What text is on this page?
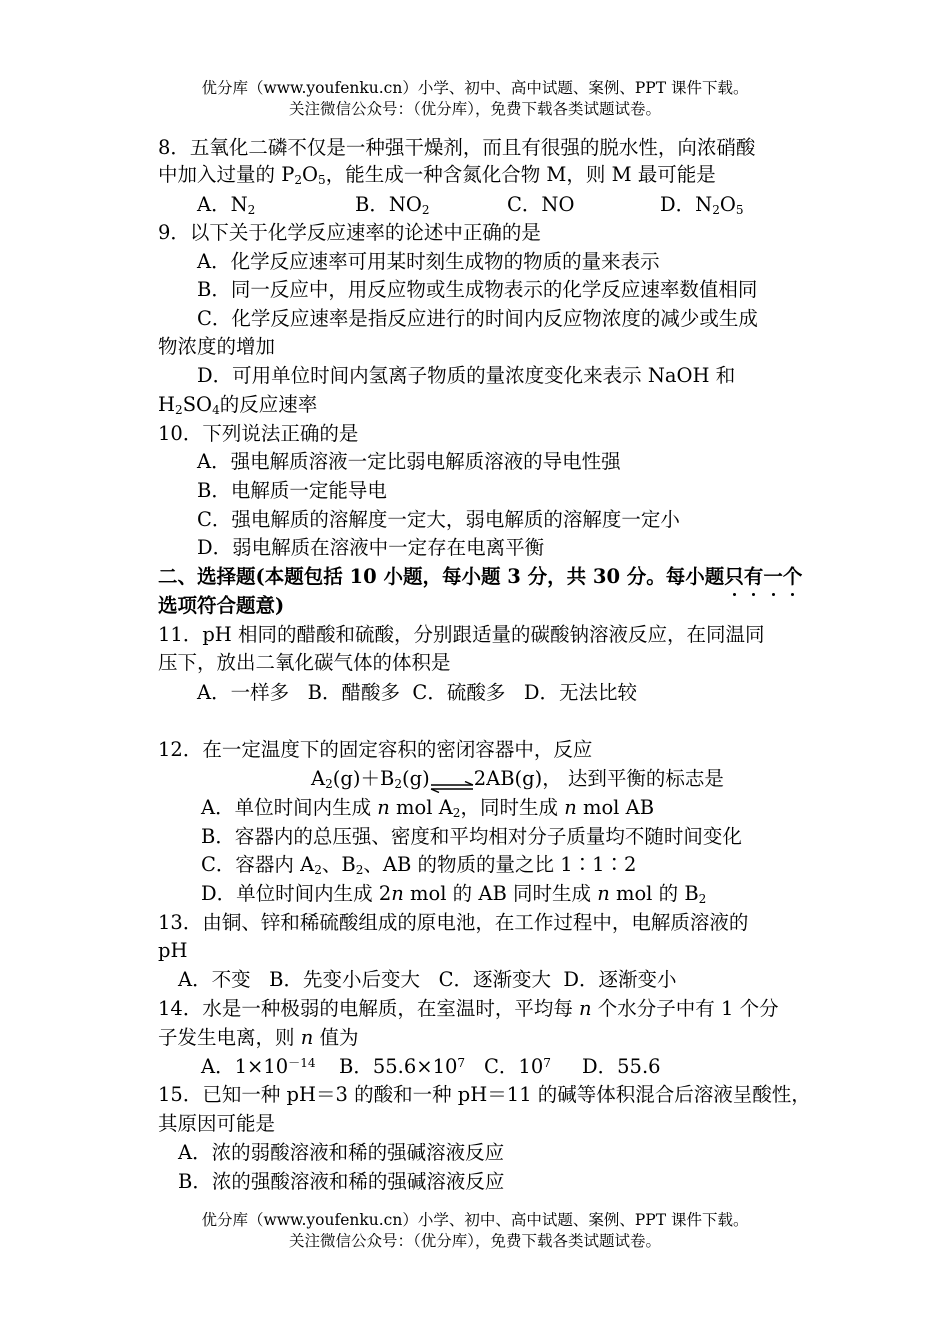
优分库（www.youfenku.cn）小学、初中、高中试题、案例、PPT 课件下载。
关注微信公众号：（优分库），免费下载各类试题试卷。
8．五氧化二磷不仅是一种强干燥剂，而且有很强的脱水性，向浓硝酸
中加入过量的 $P_2O_5$，能生成一种含氮化合物 M，则 M 最可能是
A．$N_2$	B．$NO_2$	C．NO	D．$N_2O_5$
9．以下关于化学反应速率的论述中正确的是
A．化学反应速率可用某时刻生成物的物质的量来表示
B．同一反应中，用反应物或生成物表示的化学反应速率数值相同
C．化学反应速率是指反应进行的时间内反应物浓度的减少或生成
物浓度的增加
D．可用单位时间内氢离子物质的量浓度变化来表示 NaOH 和
$H_2SO_4$的反应速率
10．下列说法正确的是
A．强电解质溶液一定比弱电解质溶液的导电性强
B．电解质一定能导电
C．强电解质的溶解度一定大，弱电解质的溶解度一定小
D．弱电解质在溶液中一定存在电离平衡
二、选择题(本题包括 10 小题，每小题 3 分，共 30 分。每小题只有一个
选项符合题意)
11．pH 相同的醋酸和硫酸，分别跟适量的碳酸钠溶液反应，在同温同
压下，放出二氧化碳气体的体积是
A．一样多   B．醋酸多  C．硫酸多   D．无法比较
12．在一定温度下的固定容积的密闭容器中，反应
$A_2(g)+B_2(g)\rightleftharpoons 2AB(g)$， 达到平衡的标志是
A．单位时间内生成 n mol $A_2$，同时生成 n mol AB
B．容器内的总压强、密度和平均相对分子质量均不随时间变化
C．容器内 $A_2$、$B_2$、AB 的物质的量之比 1∶1∶2
D．单位时间内生成 2n mol 的 AB 同时生成 n mol 的 $B_2$
13．由铜、锌和稀硫酸组成的原电池，在工作过程中，电解质溶液的
pH
A．不变   B．先变小后变大   C．逐渐变大  D．逐渐变小
14．水是一种极弱的电解质，在室温时，平均每 n 个水分子中有 1 个分
子发生电离，则 n 值为
A．$1\times 10^{-14}$ B．$55.6\times 10^7$ C．$10^7$ D．55.6
15．已知一种 pH＝3 的酸和一种 pH＝11 的碱等体积混合后溶液呈酸性，
其原因可能是
A．浓的弱酸溶液和稀的强碱溶液反应
B．浓的强酸溶液和稀的强碱溶液反应
优分库（www.youfenku.cn）小学、初中、高中试题、案例、PPT 课件下载。
关注微信公众号：（优分库），免费下载各类试题试卷。
